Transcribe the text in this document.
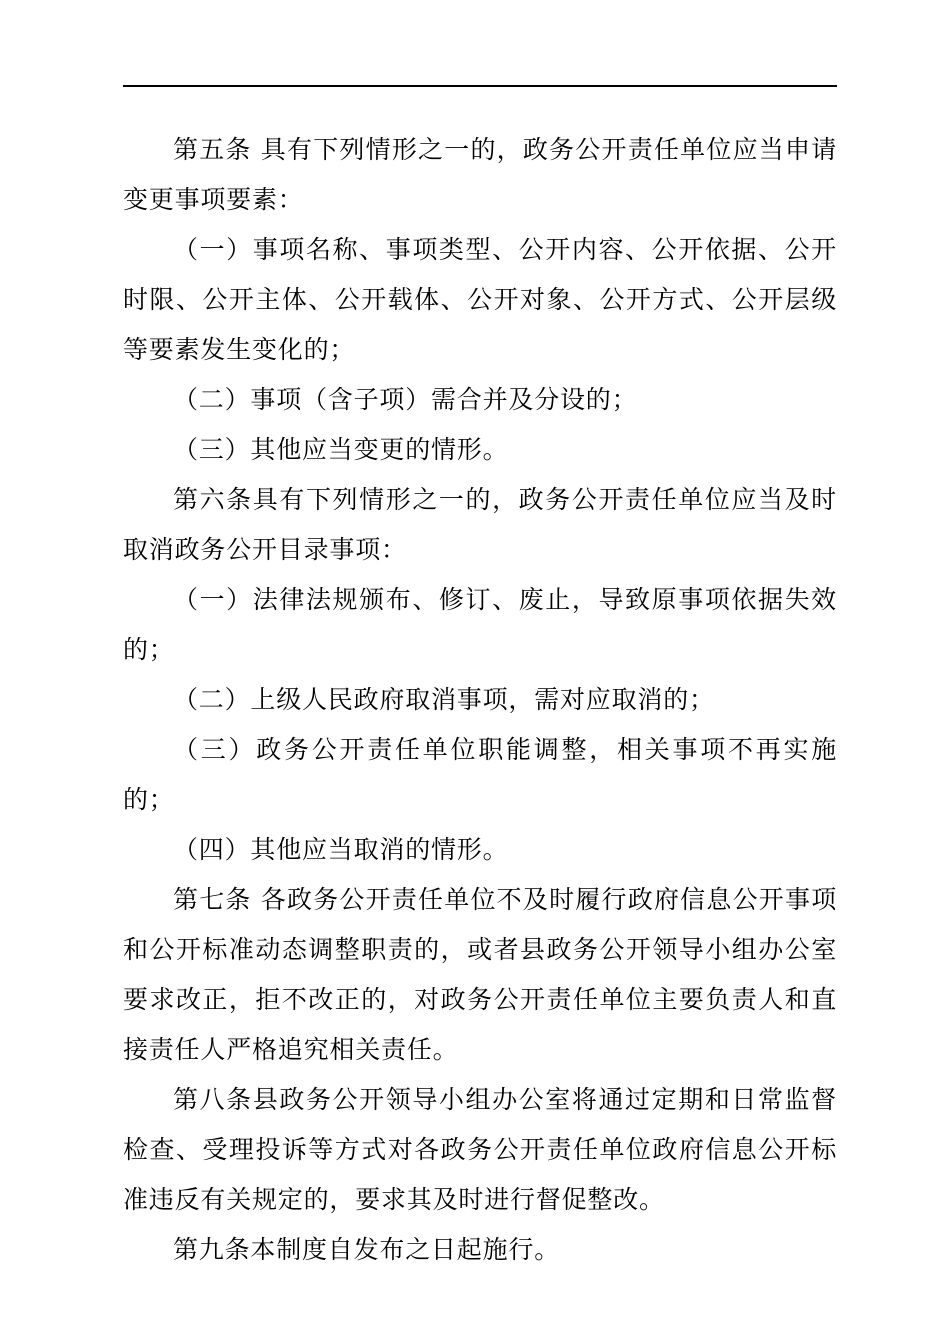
第五条 具有下列情形之一的，政务公开责任单位应当申请变更事项要素：

（一）事项名称、事项类型、公开内容、公开依据、公开时限、公开主体、公开载体、公开对象、公开方式、公开层级等要素发生变化的；

（二）事项（含子项）需合并及分设的；

（三）其他应当变更的情形。

第六条具有下列情形之一的，政务公开责任单位应当及时取消政务公开目录事项：

（一）法律法规颁布、修订、废止，导致原事项依据失效的；

（二）上级人民政府取消事项，需对应取消的；

（三）政务公开责任单位职能调整，相关事项不再实施的；

（四）其他应当取消的情形。

第七条 各政务公开责任单位不及时履行政府信息公开事项和公开标准动态调整职责的，或者县政务公开领导小组办公室要求改正，拒不改正的，对政务公开责任单位主要负责人和直接责任人严格追究相关责任。

第八条县政务公开领导小组办公室将通过定期和日常监督检查、受理投诉等方式对各政务公开责任单位政府信息公开标准违反有关规定的，要求其及时进行督促整改。

第九条本制度自发布之日起施行。
